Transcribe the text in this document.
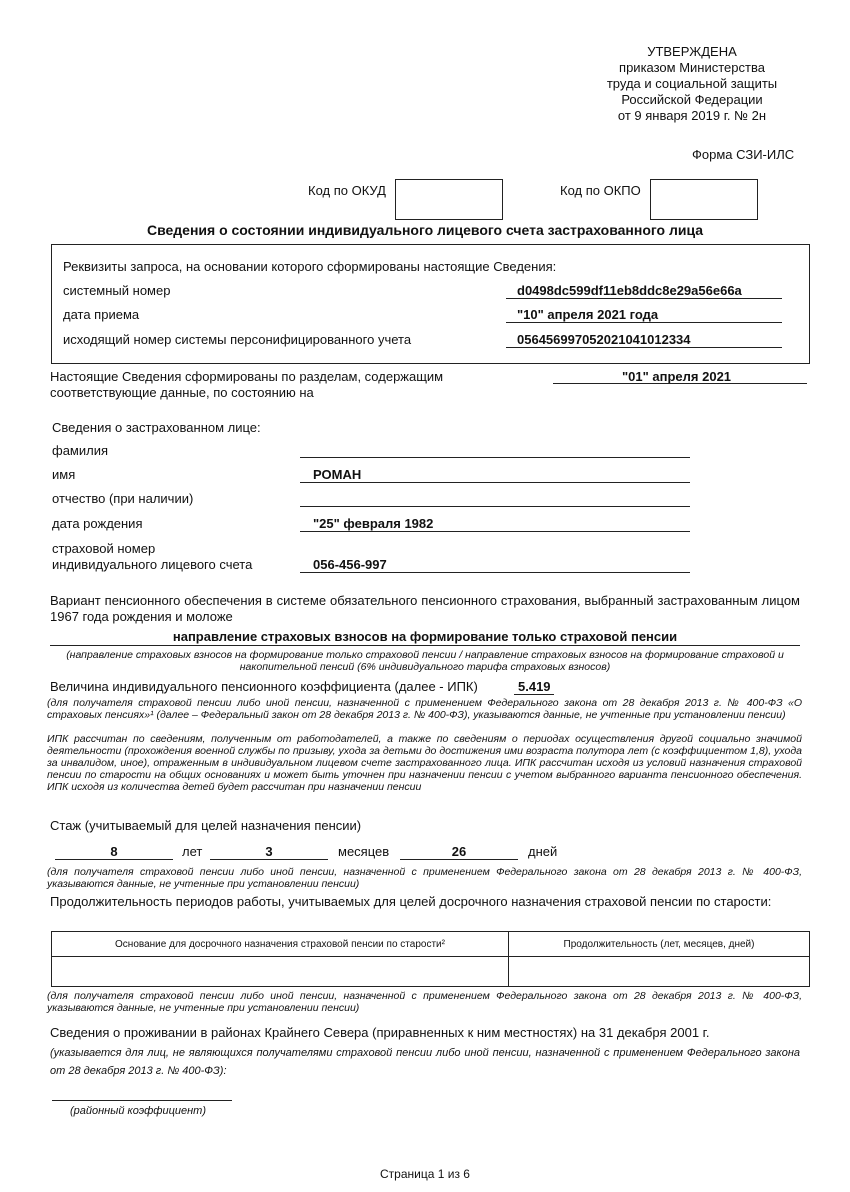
УТВЕРЖДЕНА
приказом Министерства
труда и социальной защиты
Российской Федерации
от 9 января 2019 г. № 2н
Форма СЗИ-ИЛС
Код по ОКУД	Код по ОКПО
Сведения о состоянии индивидуального лицевого счета застрахованного лица
Реквизиты запроса, на основании которого сформированы настоящие Сведения:
системный номер	d0498dc599df11eb8ddc8e29a56e66a
дата приема	"10" апреля 2021 года
исходящий номер системы персонифицированного учета	056456997052021041012334
Настоящие Сведения сформированы по разделам, содержащим
соответствующие данные, по состоянию на
"01" апреля 2021
Сведения о застрахованном лице:
фамилия
имя	РОМАН
отчество (при наличии)
дата рождения	"25" февраля 1982
страховой номер
индивидуального лицевого счета	056-456-997
Вариант пенсионного обеспечения в системе обязательного пенсионного страхования, выбранный застрахованным лицом 1967 года рождения и моложе
направление страховых взносов на формирование только страховой пенсии
(направление страховых взносов на формирование только страховой пенсии / направление страховых взносов на формирование страховой и накопительной пенсий (6% индивидуального тарифа страховых взносов)
Величина индивидуального пенсионного коэффициента (далее - ИПК)	5.419
(для получателя страховой пенсии либо иной пенсии, назначенной с применением Федерального закона от 28 декабря 2013 г. № 400-ФЗ «О страховых пенсиях»¹ (далее – Федеральный закон от 28 декабря 2013 г. № 400-ФЗ), указываются данные, не учтенные при установлении пенсии)
ИПК рассчитан по сведениям, полученным от работодателей, а также по сведениям о периодах осуществления другой социально значимой деятельности (прохождения военной службы по призыву, ухода за детьми до достижения ими возраста полутора лет (с коэффициентом 1,8), ухода за инвалидом, иное), отраженным в индивидуальном лицевом счете застрахованного лица. ИПК рассчитан исходя из условий назначения страховой пенсии по старости на общих основаниях и может быть уточнен при назначении пенсии с учетом выбранного варианта пенсионного обеспечения. ИПК исходя из количества детей будет рассчитан при назначении пенсии
Стаж (учитываемый для целей назначения пенсии)
8	лет	3	месяцев	26	дней
(для получателя страховой пенсии либо иной пенсии, назначенной с применением Федерального закона от 28 декабря 2013 г. № 400-ФЗ, указываются данные, не учтенные при установлении пенсии)
Продолжительность периодов работы, учитываемых для целей досрочного назначения страховой пенсии по старости:
Основание для досрочного назначения страховой пенсии по старости²	Продолжительность (лет, месяцев, дней)
(для получателя страховой пенсии либо иной пенсии, назначенной с применением Федерального закона от 28 декабря 2013 г. № 400-ФЗ, указываются данные, не учтенные при установлении пенсии)
Сведения о проживании в районах Крайнего Севера (приравненных к ним местностях) на 31 декабря 2001 г.
(указывается для лиц, не являющихся получателями страховой пенсии либо иной пенсии, назначенной с применением Федерального закона от 28 декабря 2013 г. № 400-ФЗ):
(районный коэффициент)
Страница 1 из 6
